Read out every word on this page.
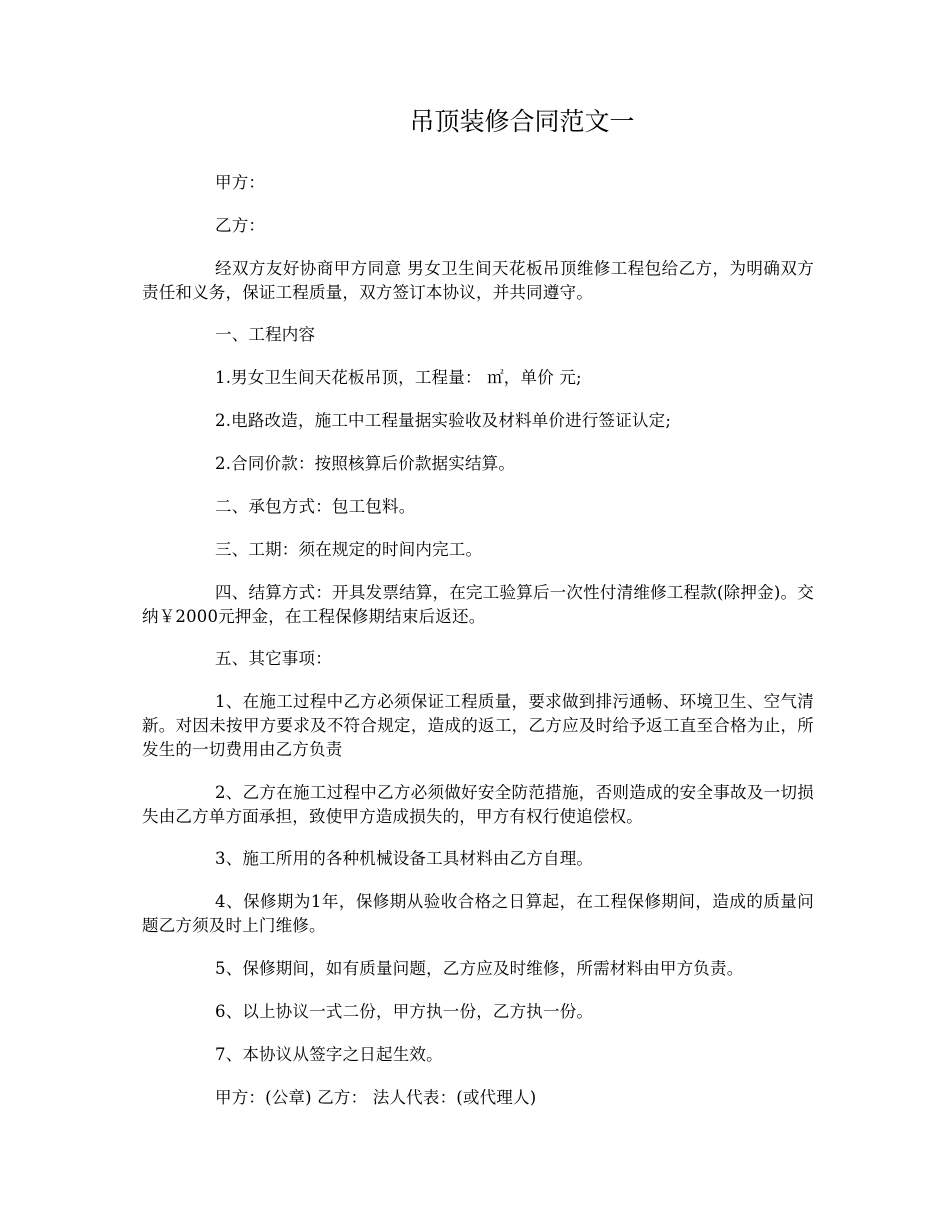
吊顶装修合同范文一

甲方：

乙方：

经双方友好协商甲方同意 男女卫生间天花板吊顶维修工程包给乙方，为明确双方责任和义务，保证工程质量，双方签订本协议，并共同遵守。

一、工程内容

1.男女卫生间天花板吊顶，工程量： ㎡，单价 元;

2.电路改造，施工中工程量据实验收及材料单价进行签证认定;

2.合同价款：按照核算后价款据实结算。

二、承包方式：包工包料。

三、工期：须在规定的时间内完工。

四、结算方式：开具发票结算，在完工验算后一次性付清维修工程款(除押金)。交纳￥2000元押金，在工程保修期结束后返还。

五、其它事项：

1、在施工过程中乙方必须保证工程质量，要求做到排污通畅、环境卫生、空气清新。对因未按甲方要求及不符合规定，造成的返工，乙方应及时给予返工直至合格为止，所发生的一切费用由乙方负责

2、乙方在施工过程中乙方必须做好安全防范措施，否则造成的安全事故及一切损失由乙方单方面承担，致使甲方造成损失的，甲方有权行使追偿权。

3、施工所用的各种机械设备工具材料由乙方自理。

4、保修期为1年，保修期从验收合格之日算起，在工程保修期间，造成的质量问题乙方须及时上门维修。

5、保修期间，如有质量问题，乙方应及时维修，所需材料由甲方负责。

6、以上协议一式二份，甲方执一份，乙方执一份。

7、本协议从签字之日起生效。

甲方：(公章) 乙方： 法人代表：(或代理人)
